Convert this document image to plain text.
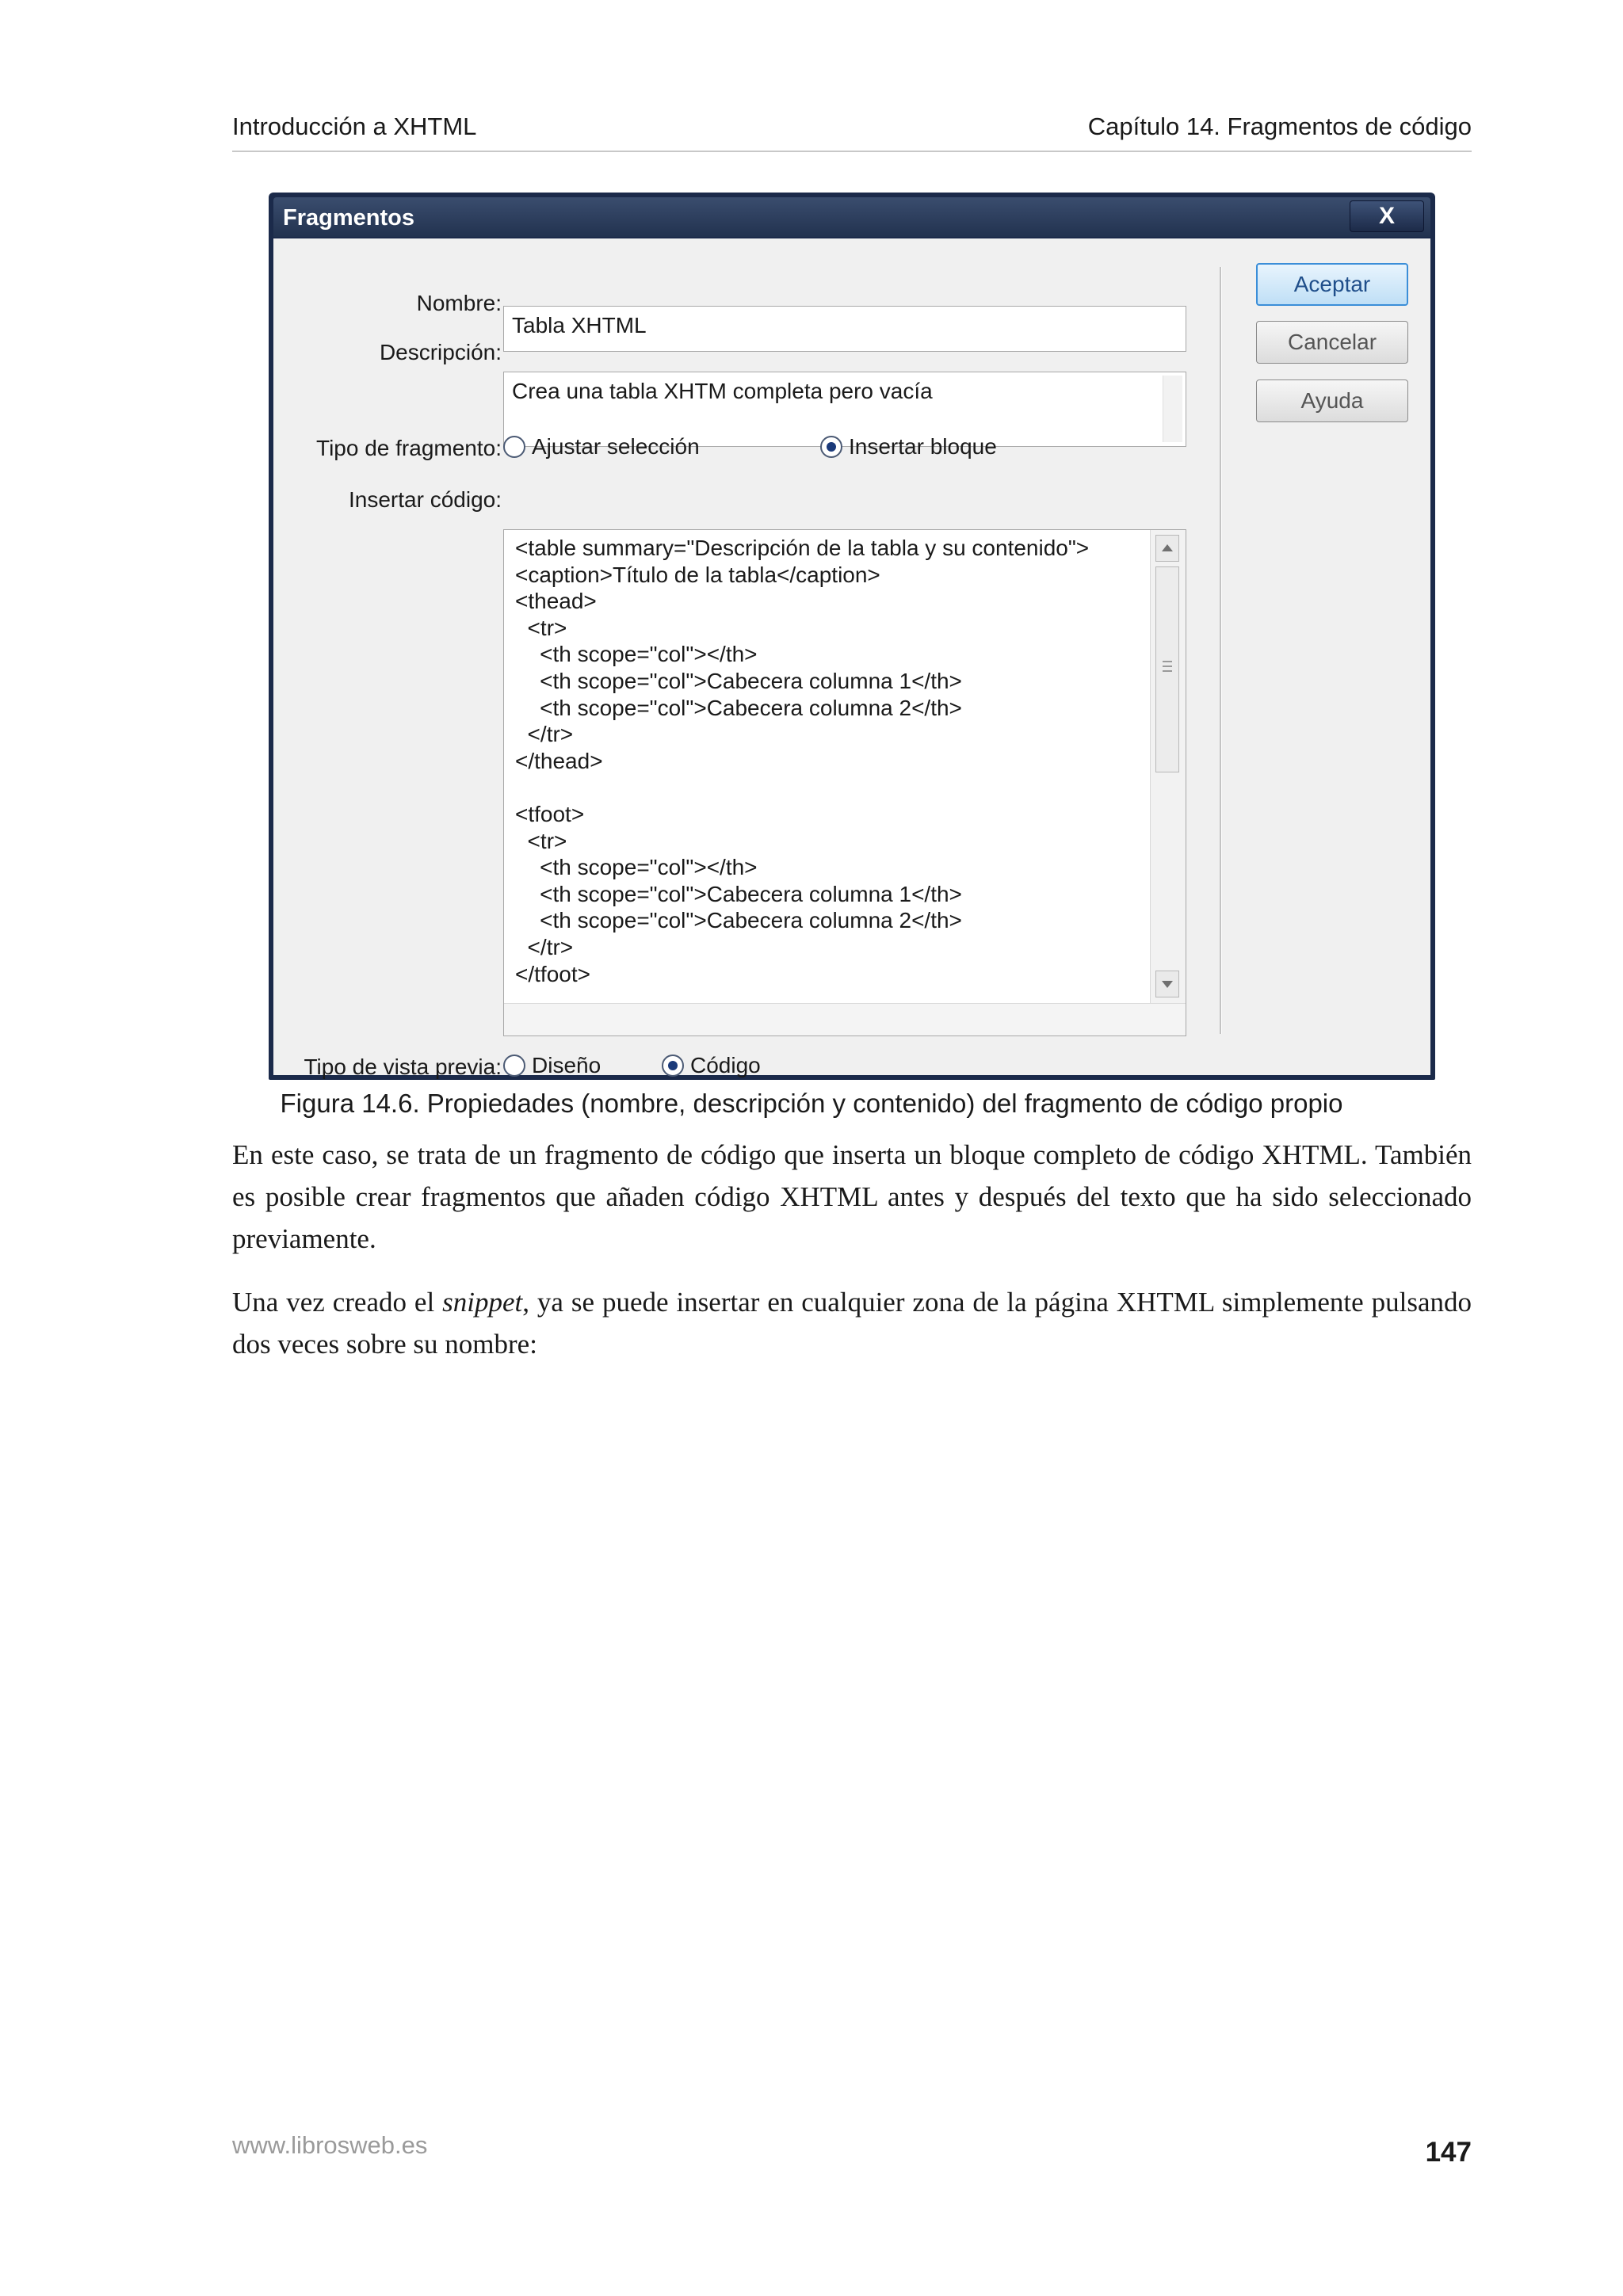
Introducción a XHTML	Capítulo 14. Fragmentos de código
Fragmentos	X
Nombre:
Tabla XHTML
Descripción:
Crea una tabla XHTM completa pero vacía
Tipo de fragmento: Ajustar selección	Insertar bloque
Insertar código:
<table summary="Descripción de la tabla y su contenido">
<caption>Título de la tabla</caption>
<thead>
<tr>
<th scope="col"></th>
<th scope="col">Cabecera columna 1</th>
<th scope="col">Cabecera columna 2</th>
</tr>
</thead>

<tfoot>
<tr>
<th scope="col"></th>
<th scope="col">Cabecera columna 1</th>
<th scope="col">Cabecera columna 2</th>
</tr>
</tfoot>
Tipo de vista previa: Diseño	Código
Aceptar
Cancelar
Ayuda
Figura 14.6. Propiedades (nombre, descripción y contenido) del fragmento de código propio

En este caso, se trata de un fragmento de código que inserta un bloque completo de código XHTML. También es posible crear fragmentos que añaden código XHTML antes y después del texto que ha sido seleccionado previamente.

Una vez creado el snippet, ya se puede insertar en cualquier zona de la página XHTML simplemente pulsando dos veces sobre su nombre:

www.librosweb.es	147
